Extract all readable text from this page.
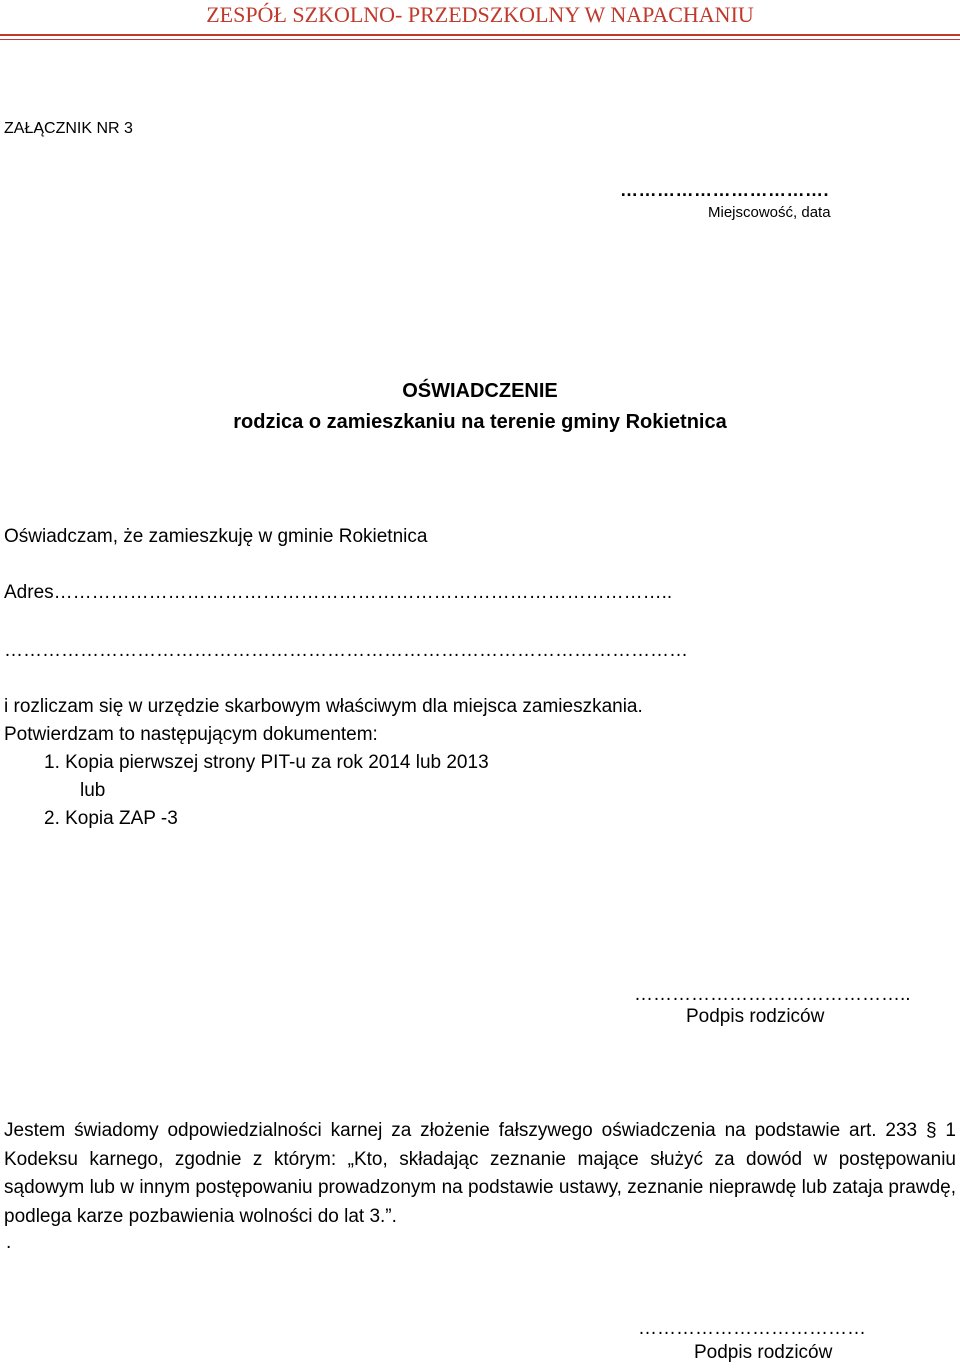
ZESPÓŁ SZKOLNO- PRZEDSZKOLNY W NAPACHANIU
ZAŁĄCZNIK NR 3
…………………………….
Miejscowość, data
OŚWIADCZENIE
rodzica o zamieszkaniu na terenie gminy Rokietnica
Oświadczam, że zamieszkuję w gminie Rokietnica
Adres……………………………………………………………………………………..
………………………………………………………………………………………………
i rozliczam się w urzędzie skarbowym właściwym dla miejsca zamieszkania.
Potwierdzam to następującym dokumentem:
1. Kopia pierwszej strony PIT-u za rok 2014 lub 2013
lub
2. Kopia ZAP -3
……………………………………..
Podpis rodziców
Jestem świadomy odpowiedzialności karnej za złożenie fałszywego oświadczenia na podstawie art. 233 § 1 Kodeksu karnego, zgodnie z którym: „Kto, składając zeznanie mające służyć za dowód w postępowaniu sądowym lub w innym postępowaniu prowadzonym na podstawie ustawy, zeznanie nieprawdę lub zataja prawdę, podlega karze pozbawienia wolności do lat 3.”.
.
………………………………
Podpis rodziców
